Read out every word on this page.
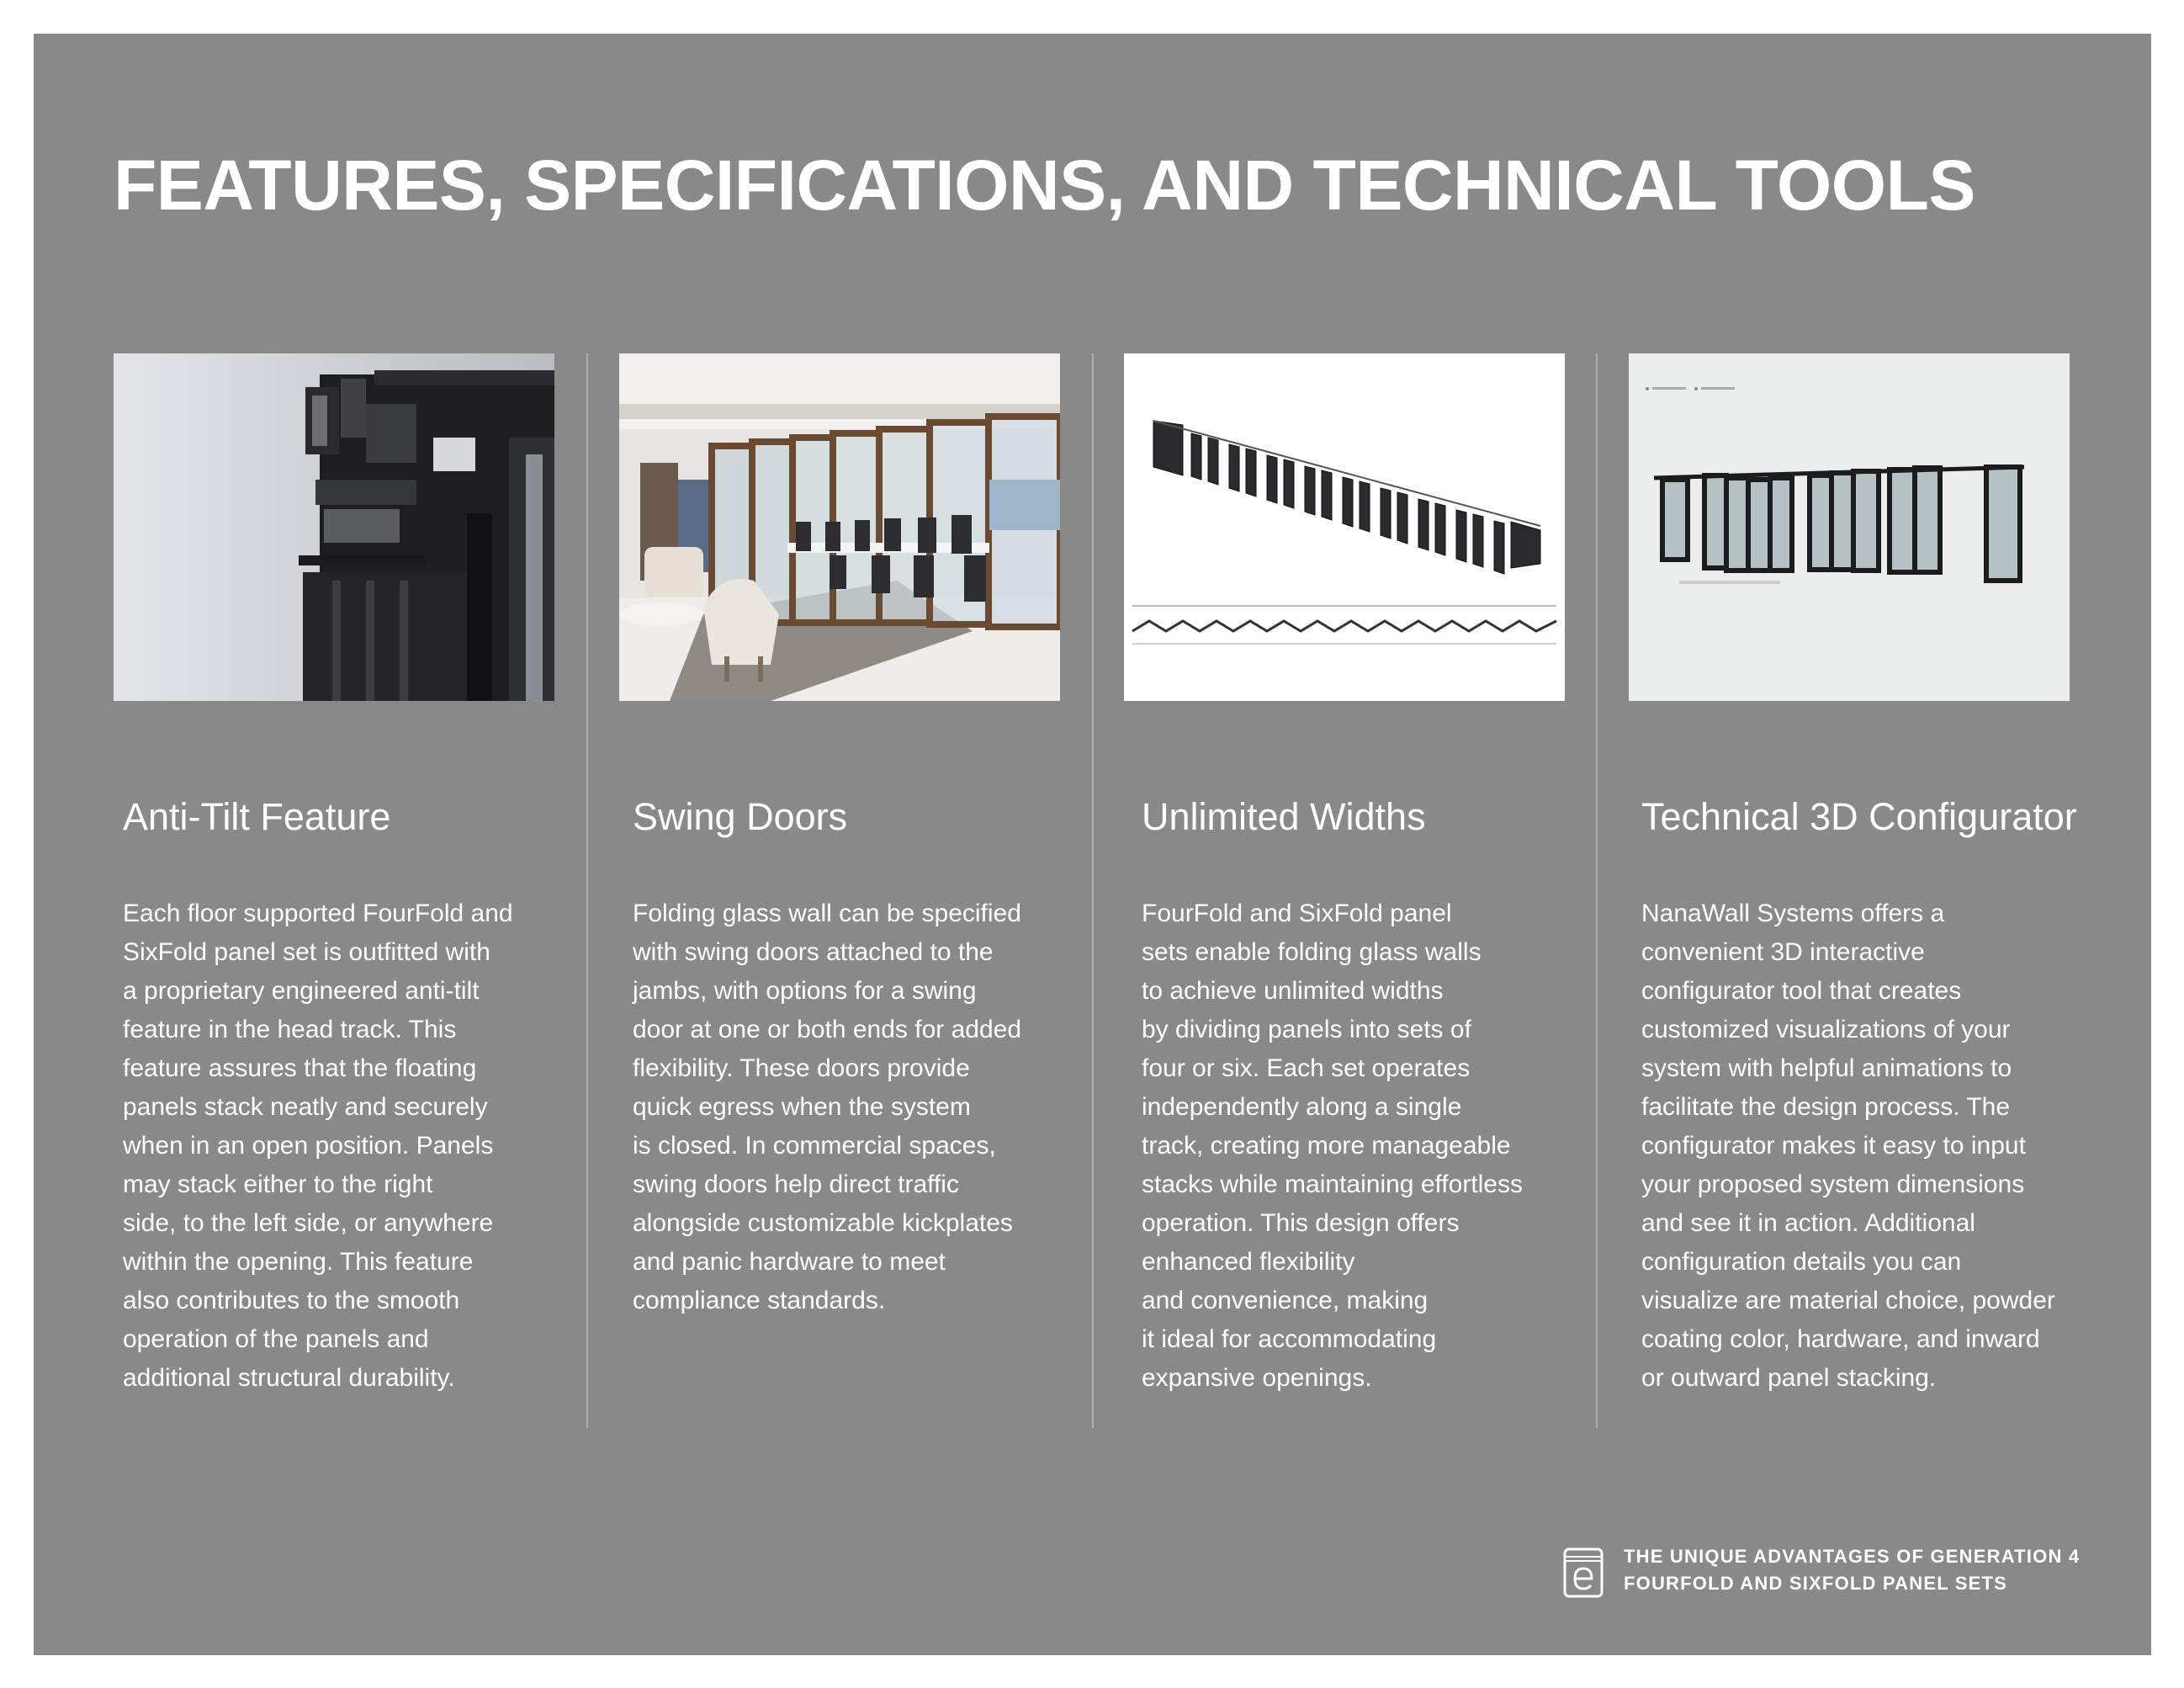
FEATURES, SPECIFICATIONS, AND TECHNICAL TOOLS
Anti-Tilt Feature	Swing Doors	Unlimited Widths	Technical 3D Configurator
Each floor supported FourFold and
SixFold panel set is outfitted with
a proprietary engineered anti-tilt
feature in the head track. This
feature assures that the floating
panels stack neatly and securely
when in an open position. Panels
may stack either to the right
side, to the left side, or anywhere
within the opening. This feature
also contributes to the smooth
operation of the panels and
additional structural durability.
Folding glass wall can be specified
with swing doors attached to the
jambs, with options for a swing
door at one or both ends for added
flexibility. These doors provide
quick egress when the system
is closed. In commercial spaces,
swing doors help direct traffic
alongside customizable kickplates
and panic hardware to meet
compliance standards.
FourFold and SixFold panel
sets enable folding glass walls
to achieve unlimited widths
by dividing panels into sets of
four or six. Each set operates
independently along a single
track, creating more manageable
stacks while maintaining effortless
operation. This design offers
enhanced flexibility
and convenience, making
it ideal for accommodating
expansive openings.
NanaWall Systems offers a
convenient 3D interactive
configurator tool that creates
customized visualizations of your
system with helpful animations to
facilitate the design process. The
configurator makes it easy to input
your proposed system dimensions
and see it in action. Additional
configuration details you can
visualize are material choice, powder
coating color, hardware, and inward
or outward panel stacking.
THE UNIQUE ADVANTAGES OF GENERATION 4
FOURFOLD AND SIXFOLD PANEL SETS
